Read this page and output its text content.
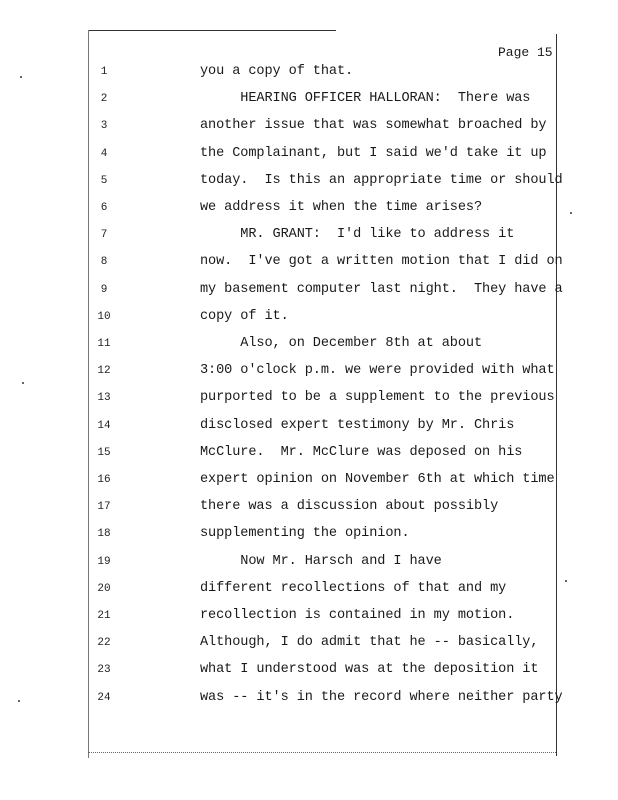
Page 15
1	you a copy of that.
2	HEARING OFFICER HALLORAN:  There was
3	another issue that was somewhat broached by
4	the Complainant, but I said we'd take it up
5	today.  Is this an appropriate time or should
6	we address it when the time arises?
7	MR. GRANT:  I'd like to address it
8	now.  I've got a written motion that I did on
9	my basement computer last night.  They have a
10	copy of it.
11	Also, on December 8th at about
12	3:00 o'clock p.m. we were provided with what
13	purported to be a supplement to the previous
14	disclosed expert testimony by Mr. Chris
15	McClure.  Mr. McClure was deposed on his
16	expert opinion on November 6th at which time
17	there was a discussion about possibly
18	supplementing the opinion.
19	Now Mr. Harsch and I have
20	different recollections of that and my
21	recollection is contained in my motion.
22	Although, I do admit that he -- basically,
23	what I understood was at the deposition it
24	was -- it's in the record where neither party
